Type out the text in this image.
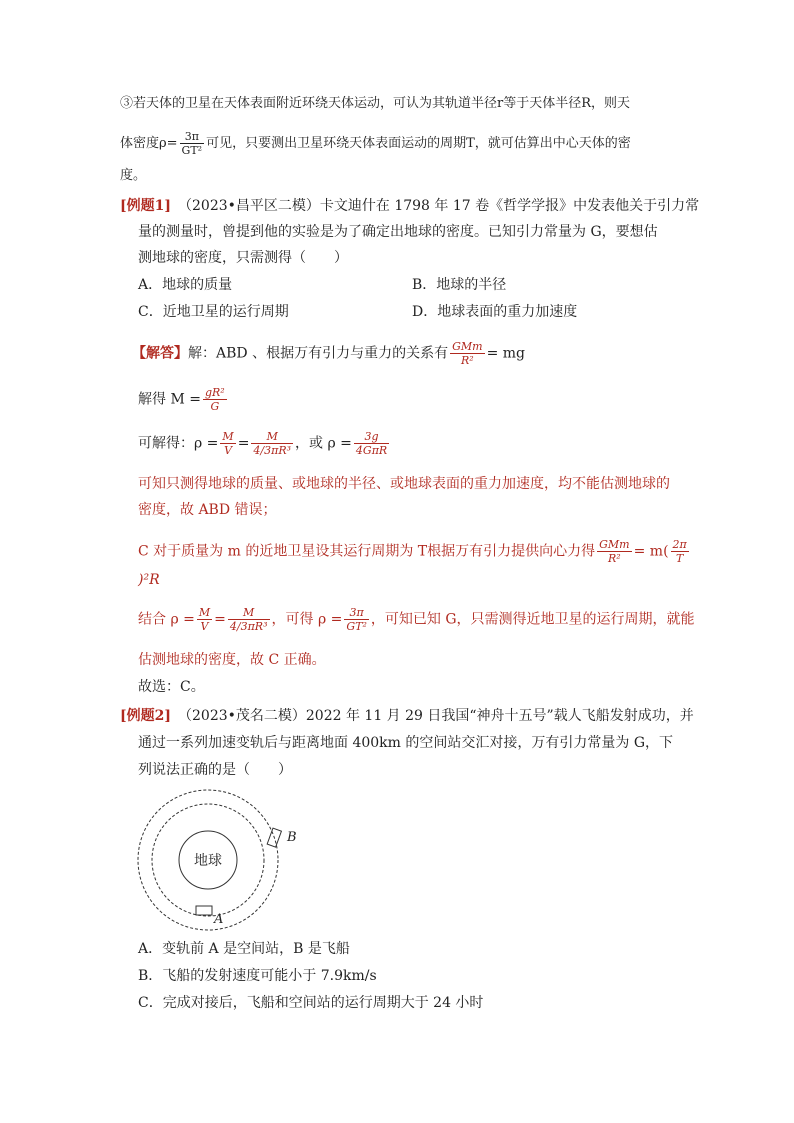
③若天体的卫星在天体表面附近环绕天体运动，可认为其轨道半径r等于天体半径R，则天
体密度$\rho= \frac{3\pi}{\text{GT²}}$ 可见，只要测出卫星环绕天体表面运动的周期T，就可估算出中心天体的密
度。
[例题1] （2023•昌平区二模）卡文迪什在 1798 年 17 卷《哲学学报》中发表他关于引力常
量的测量时，曾提到他的实验是为了确定出地球的密度。已知引力常量为 G，要想估
测地球的密度，只需测得（　　）
A．地球的质量	B．地球的半径
C．近地卫星的运行周期	D．地球表面的重力加速度
【解答】解：ABD 、根据万有引力与重力的关系有 $\frac{\text{GMm}}{\text{R²}}$ = mg
解得 $M = \frac{\text{gR²}}{G}$
可解得：$\rho = \frac{M}{V} = \frac{M}{\text{4/3πR³}}$ ，或 $\rho = \frac{3g}{\text{4GπR}}$
可知只测得地球的质量、或地球的半径、或地球表面的重力加速度，均不能估测地球的
密度，故 ABD 错误；
C 对于质量为 m 的近地卫星设其运行周期为 T根据万有引力提供向心力得 $\frac{\text{GMm}}{\text{R²}} = m( \frac{2\pi}{T}$
)²R
结合 $\rho = \frac{M}{V} = \frac{M}{\text{4/3πR³}}$ ，可得 $\rho = \frac{3\pi}{\text{GT²}}$ ，可知已知 G，只需测得近地卫星的运行周期，就能
估测地球的密度，故 C 正确。
故选：C。
[例题2] （2023•茂名二模）2022 年 11 月 29 日我国“神舟十五号”载人飞船发射成功，并
通过一系列加速变轨后与距离地面 400km 的空间站交汇对接，万有引力常量为 G，下
列说法正确的是（　　）
地球
A
B
A．变轨前 A 是空间站，B 是飞船
B．飞船的发射速度可能小于 7.9km/s
C．完成对接后，飞船和空间站的运行周期大于 24 小时
